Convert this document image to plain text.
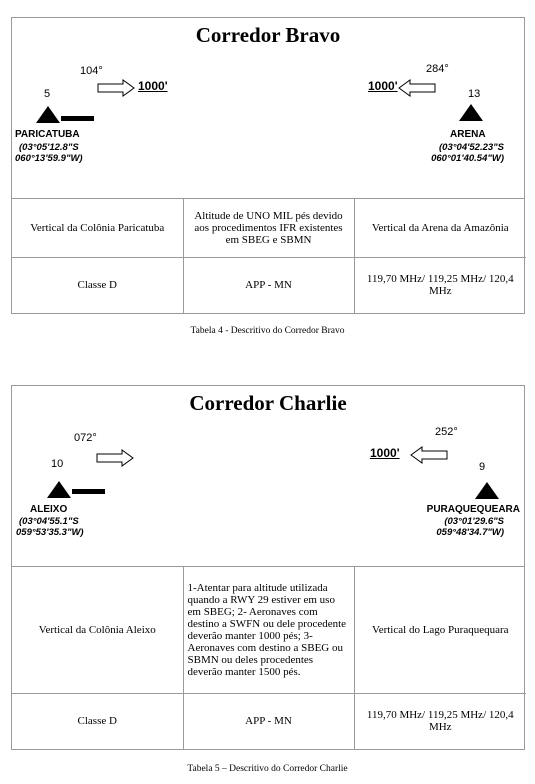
Corredor Bravo
104°
1000'
5
PARICATUBA
(03°05'12.8"S
060°13'59.9"W)
284°
1000'
13
ARENA
(03°04'52.23"S
060°01'40.54"W)
Vertical da Colônia Paricatuba	Altitude de UNO MIL pés devido aos procedimentos IFR existentes em SBEG e SBMN	Vertical da Arena da Amazônia
Classe D	APP - MN	119,70 MHz/ 119,25 MHz/ 120,4 MHz
Tabela 4 - Descritivo do Corredor Bravo
Corredor Charlie
072°
10
ALEIXO
(03°04'55.1"S
059°53'35.3"W)
252°
1000'
9
PURAQUEQUEARA
(03°01'29.6"S
059°48'34.7"W)
Vertical da Colônia Aleixo	1-Atentar para altitude utilizada quando a RWY 29 estiver em uso em SBEG; 2- Aeronaves com destino a SWFN ou dele procedente deverão manter 1000 pés; 3- Aeronaves com destino a SBEG ou SBMN ou deles procedentes deverão manter 1500 pés.	Vertical do Lago Puraquequara
Classe D	APP - MN	119,70 MHz/ 119,25 MHz/ 120,4 MHz
Tabela 5 – Descritivo do Corredor Charlie
